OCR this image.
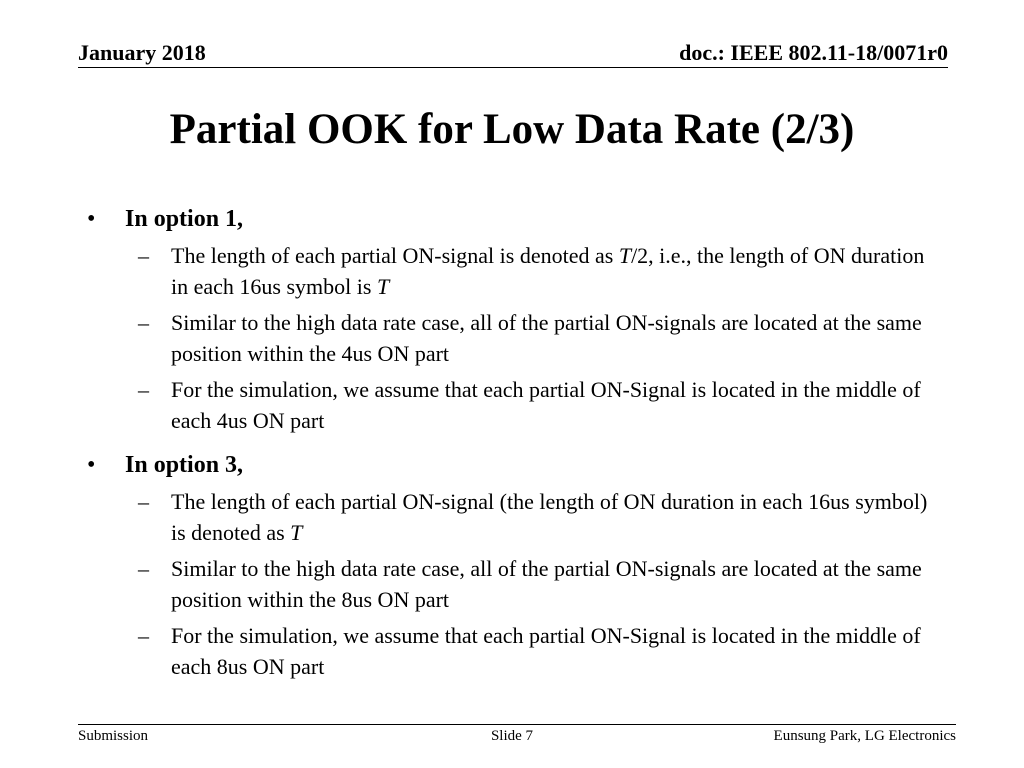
January 2018	doc.: IEEE 802.11-18/0071r0
Partial OOK for Low Data Rate (2/3)
• In option 1,
– The length of each partial ON-signal is denoted as T/2, i.e., the length of ON duration in each 16us symbol is T
– Similar to the high data rate case, all of the partial ON-signals are located at the same position within the 4us ON part
– For the simulation, we assume that each partial ON-Signal is located in the middle of each 4us ON part
• In option 3,
– The length of each partial ON-signal (the length of ON duration in each 16us symbol) is denoted as T
– Similar to the high data rate case, all of the partial ON-signals are located at the same position within the 8us ON part
– For the simulation, we assume that each partial ON-Signal is located in the middle of each 8us ON part
Submission	Slide 7	Eunsung Park, LG Electronics
